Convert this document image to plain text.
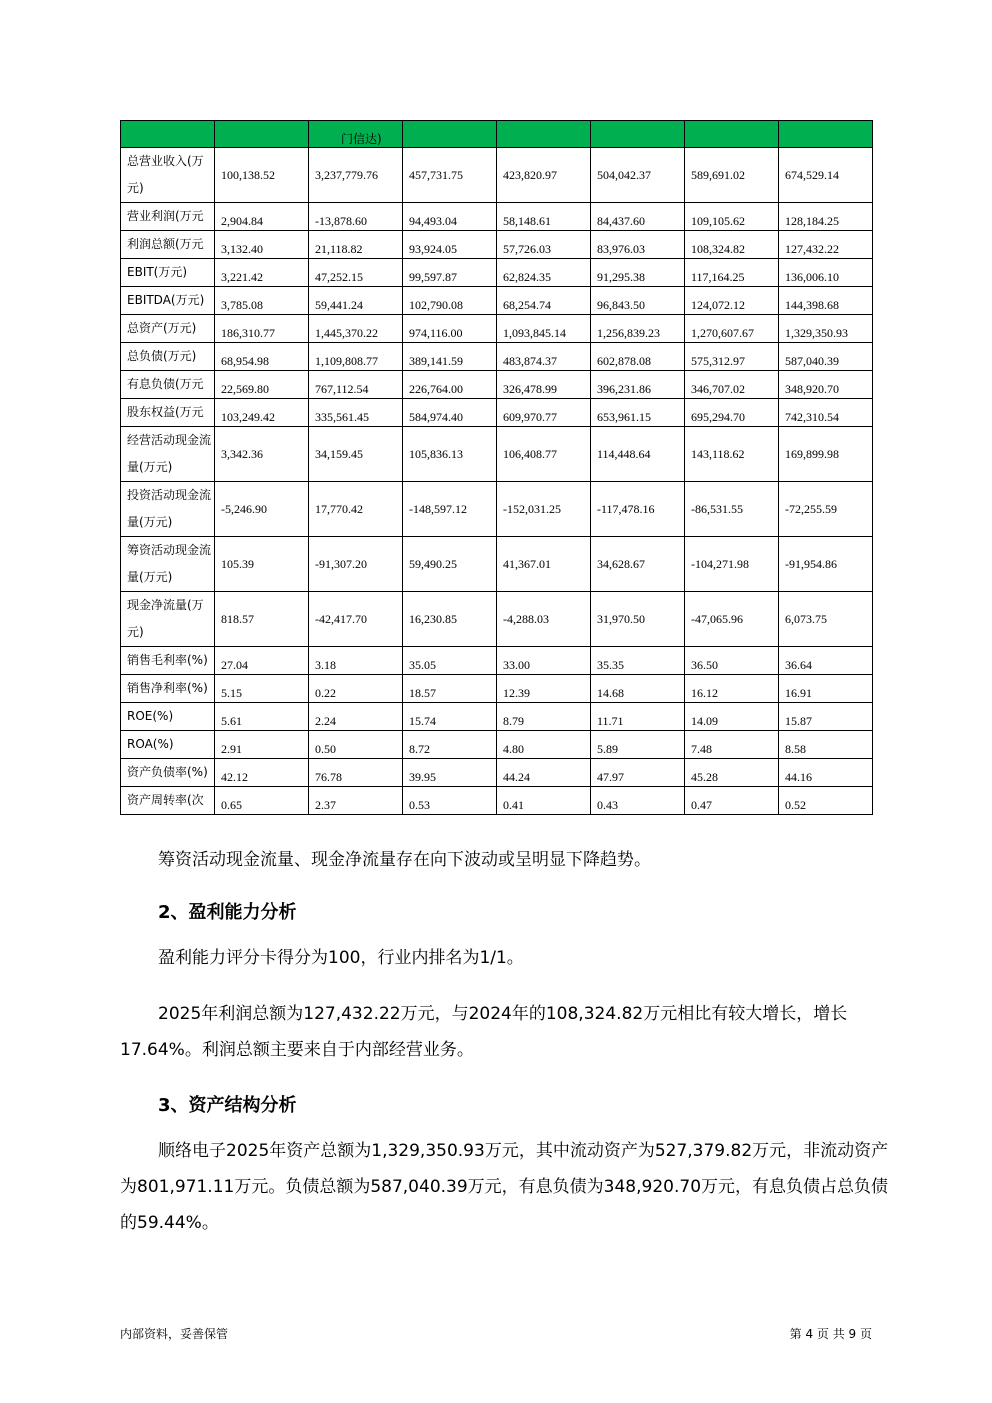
		门信达)					
总营业收入(万元)	100,138.52	3,237,779.76	457,731.75	423,820.97	504,042.37	589,691.02	674,529.14
营业利润(万元	2,904.84	-13,878.60	94,493.04	58,148.61	84,437.60	109,105.62	128,184.25
利润总额(万元	3,132.40	21,118.82	93,924.05	57,726.03	83,976.03	108,324.82	127,432.22
EBIT(万元)	3,221.42	47,252.15	99,597.87	62,824.35	91,295.38	117,164.25	136,006.10
EBITDA(万元)	3,785.08	59,441.24	102,790.08	68,254.74	96,843.50	124,072.12	144,398.68
总资产(万元)	186,310.77	1,445,370.22	974,116.00	1,093,845.14	1,256,839.23	1,270,607.67	1,329,350.93
总负债(万元)	68,954.98	1,109,808.77	389,141.59	483,874.37	602,878.08	575,312.97	587,040.39
有息负债(万元	22,569.80	767,112.54	226,764.00	326,478.99	396,231.86	346,707.02	348,920.70
股东权益(万元	103,249.42	335,561.45	584,974.40	609,970.77	653,961.15	695,294.70	742,310.54
经营活动现金流量(万元)	3,342.36	34,159.45	105,836.13	106,408.77	114,448.64	143,118.62	169,899.98
投资活动现金流量(万元)	-5,246.90	17,770.42	-148,597.12	-152,031.25	-117,478.16	-86,531.55	-72,255.59
筹资活动现金流量(万元)	105.39	-91,307.20	59,490.25	41,367.01	34,628.67	-104,271.98	-91,954.86
现金净流量(万元)	818.57	-42,417.70	16,230.85	-4,288.03	31,970.50	-47,065.96	6,073.75
销售毛利率(%)	27.04	3.18	35.05	33.00	35.35	36.50	36.64
销售净利率(%)	5.15	0.22	18.57	12.39	14.68	16.12	16.91
ROE(%)	5.61	2.24	15.74	8.79	11.71	14.09	15.87
ROA(%)	2.91	0.50	8.72	4.80	5.89	7.48	8.58
资产负债率(%)	42.12	76.78	39.95	44.24	47.97	45.28	44.16
资产周转率(次	0.65	2.37	0.53	0.41	0.43	0.47	0.52

筹资活动现金流量、现金净流量存在向下波动或呈明显下降趋势。

2、盈利能力分析

盈利能力评分卡得分为100，行业内排名为1/1。

2025年利润总额为127,432.22万元，与2024年的108,324.82万元相比有较大增长，增长17.64%。利润总额主要来自于内部经营业务。

3、资产结构分析

顺络电子2025年资产总额为1,329,350.93万元，其中流动资产为527,379.82万元，非流动资产为801,971.11万元。负债总额为587,040.39万元，有息负债为348,920.70万元，有息负债占总负债的59.44%。

内部资料，妥善保管	第 4 页 共 9 页
